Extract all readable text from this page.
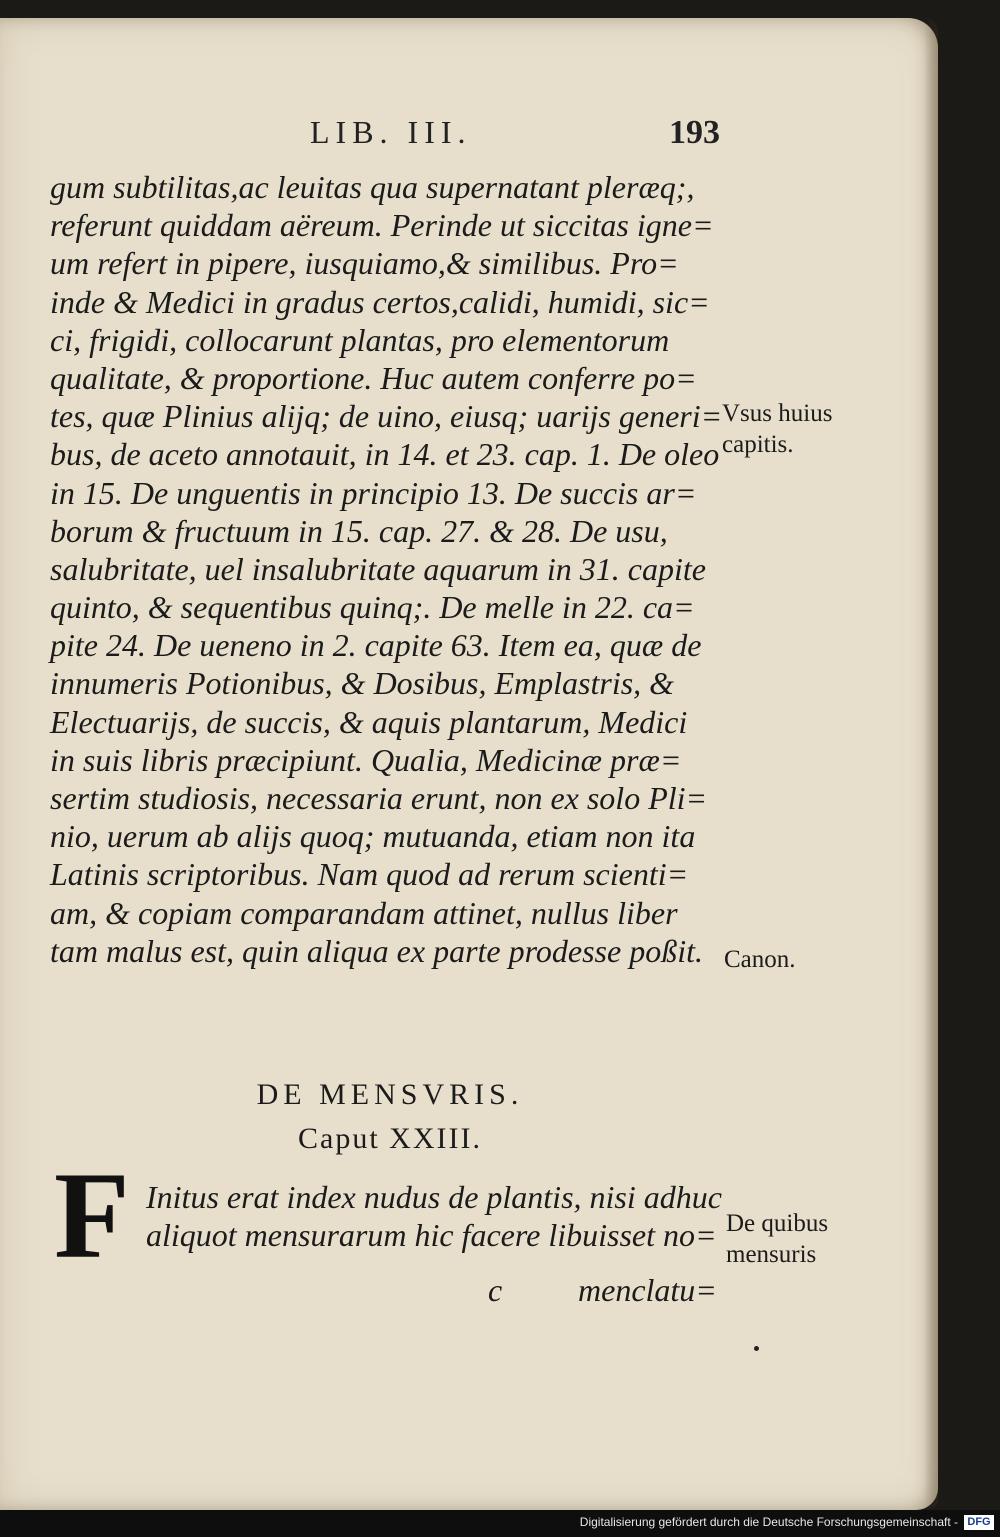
LIB. III.	193
gum subtilitas,ac leuitas qua supernatant pleræq;,
referunt quiddam aëreum. Perinde ut siccitas igne=
um refert in pipere, iusquiamo,& similibus. Pro=
inde & Medici in gradus certos,calidi, humidi, sic=
ci, frigidi, collocarunt plantas, pro elementorum
qualitate, & proportione. Huc autem conferre po=
tes, quæ Plinius alijq; de uino, eiusq; uarijs generi=
bus, de aceto annotauit, in 14. et 23. cap. 1. De oleo
in 15. De unguentis in principio 13. De succis ar=
borum & fructuum in 15. cap. 27. & 28. De usu,
salubritate, uel insalubritate aquarum in 31. capite
quinto, & sequentibus quinq;. De melle in 22. ca=
pite 24. De ueneno in 2. capite 63. Item ea, quæ de
innumeris Potionibus, & Dosibus, Emplastris, &
Electuarijs, de succis, & aquis plantarum, Medici
in suis libris præcipiunt. Qualia, Medicinæ præ=
sertim studiosis, necessaria erunt, non ex solo Pli=
nio, uerum ab alijs quoq; mutuanda, etiam non ita
Latinis scriptoribus. Nam quod ad rerum scienti=
am, & copiam comparandam attinet, nullus liber
tam malus est, quin aliqua ex parte prodesse poßit.
Vsus huius
capitis.
Canon.
De quibus
mensuris
DE MENSVRIS.
Caput XXIII.
F Initus erat index nudus de plantis, nisi adhuc
aliquot mensurarum hic facere libuisset no=
c menclatu=
Digitalisierung gefördert durch die Deutsche Forschungsgemeinschaft - DFG
